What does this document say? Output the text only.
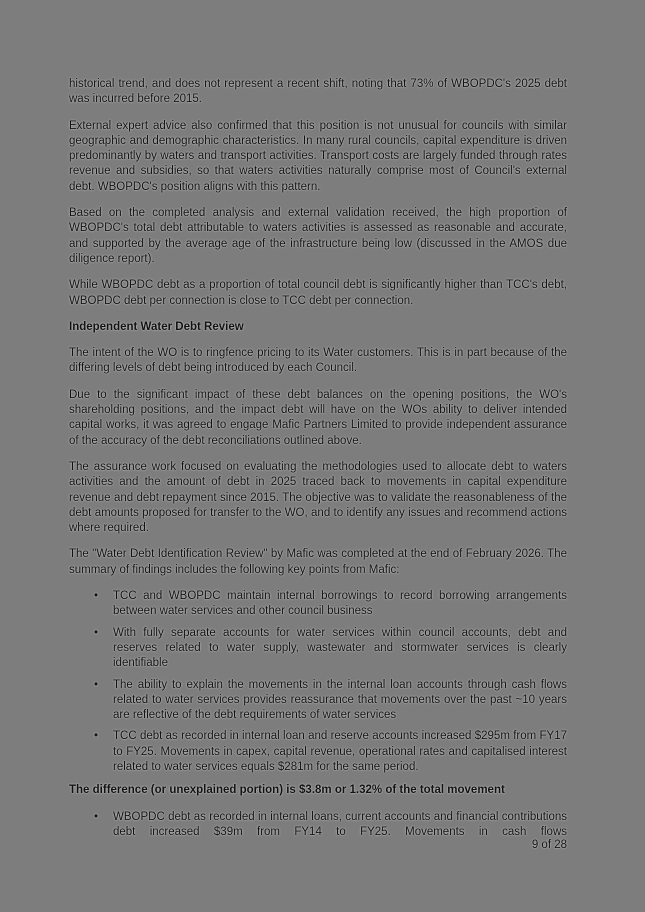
historical trend, and does not represent a recent shift, noting that 73% of WBOPDC's 2025 debt was incurred before 2015.

External expert advice also confirmed that this position is not unusual for councils with similar geographic and demographic characteristics. In many rural councils, capital expenditure is driven predominantly by waters and transport activities. Transport costs are largely funded through rates revenue and subsidies, so that waters activities naturally comprise most of Council's external debt. WBOPDC's position aligns with this pattern.

Based on the completed analysis and external validation received, the high proportion of WBOPDC's total debt attributable to waters activities is assessed as reasonable and accurate, and supported by the average age of the infrastructure being low (discussed in the AMOS due diligence report).

While WBOPDC debt as a proportion of total council debt is significantly higher than TCC's debt, WBOPDC debt per connection is close to TCC debt per connection.

Independent Water Debt Review

The intent of the WO is to ringfence pricing to its Water customers. This is in part because of the differing levels of debt being introduced by each Council.

Due to the significant impact of these debt balances on the opening positions, the WO's shareholding positions, and the impact debt will have on the WOs ability to deliver intended capital works, it was agreed to engage Mafic Partners Limited to provide independent assurance of the accuracy of the debt reconciliations outlined above.

The assurance work focused on evaluating the methodologies used to allocate debt to waters activities and the amount of debt in 2025 traced back to movements in capital expenditure revenue and debt repayment since 2015. The objective was to validate the reasonableness of the debt amounts proposed for transfer to the WO, and to identify any issues and recommend actions where required.

The "Water Debt Identification Review" by Mafic was completed at the end of February 2026. The summary of findings includes the following key points from Mafic:

• TCC and WBOPDC maintain internal borrowings to record borrowing arrangements between water services and other council business
• With fully separate accounts for water services within council accounts, debt and reserves related to water supply, wastewater and stormwater services is clearly identifiable
• The ability to explain the movements in the internal loan accounts through cash flows related to water services provides reassurance that movements over the past ~10 years are reflective of the debt requirements of water services
• TCC debt as recorded in internal loan and reserve accounts increased $295m from FY17 to FY25. Movements in capex, capital revenue, operational rates and capitalised interest related to water services equals $281m for the same period.

The difference (or unexplained portion) is $3.8m or 1.32% of the total movement

• WBOPDC debt as recorded in internal loans, current accounts and financial contributions debt increased $39m from FY14 to FY25. Movements in cash flows
9 of 28
